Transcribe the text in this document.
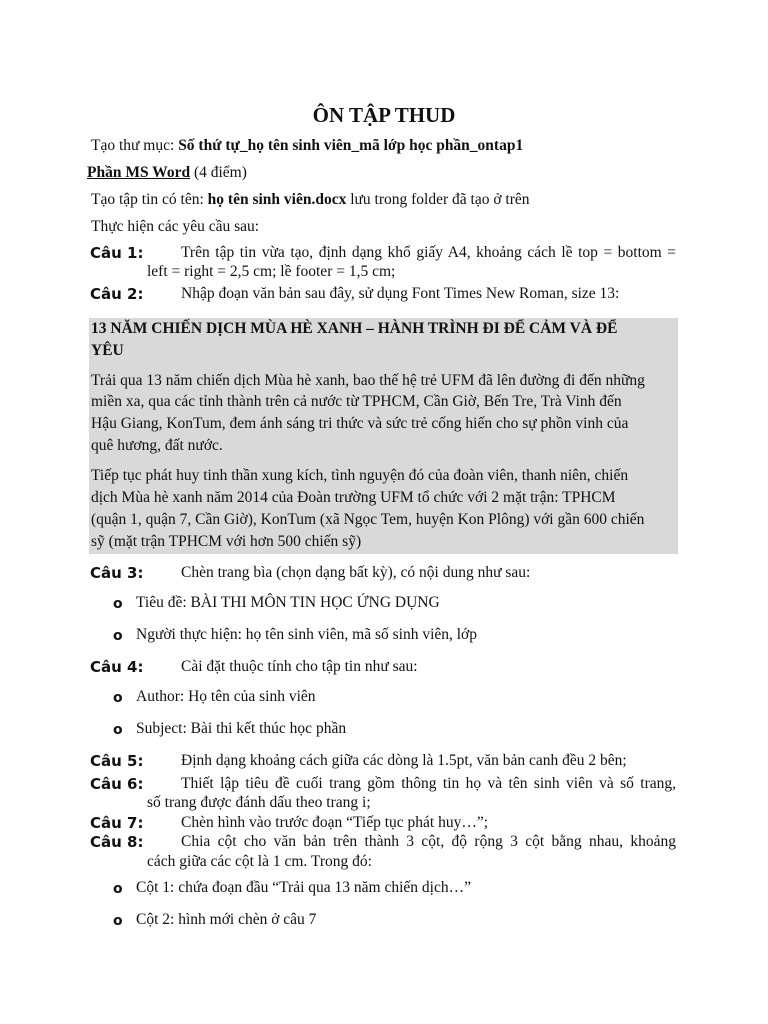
ÔN TẬP THUD
Tạo thư mục: Số thứ tự_họ tên sinh viên_mã lớp học phần_ontap1
Phần MS Word (4 điểm)
Tạo tập tin có tên: họ tên sinh viên.docx lưu trong folder đã tạo ở trên
Thực hiện các yêu cầu sau:
Câu 1: Trên tập tin vừa tạo, định dạng khổ giấy A4, khoảng cách lề top = bottom =
left = right = 2,5 cm; lề footer = 1,5 cm;
Câu 2: Nhập đoạn văn bản sau đây, sử dụng Font Times New Roman, size 13:
13 NĂM CHIẾN DỊCH MÙA HÈ XANH – HÀNH TRÌNH ĐI ĐỂ CẢM VÀ ĐỂ
YÊU
Trải qua 13 năm chiến dịch Mùa hè xanh, bao thế hệ trẻ UFM đã lên đường đi đến những
miền xa, qua các tỉnh thành trên cả nước từ TPHCM, Cần Giờ, Bến Tre, Trà Vinh đến
Hậu Giang, KonTum, đem ánh sáng tri thức và sức trẻ cống hiến cho sự phồn vinh của
quê hương, đất nước.
Tiếp tục phát huy tinh thần xung kích, tình nguyện đó của đoàn viên, thanh niên, chiến
dịch Mùa hè xanh năm 2014 của Đoàn trường UFM tổ chức với 2 mặt trận: TPHCM
(quận 1, quận 7, Cần Giờ), KonTum (xã Ngọc Tem, huyện Kon Plông) với gần 600 chiến
sỹ (mặt trận TPHCM với hơn 500 chiến sỹ)
Câu 3: Chèn trang bìa (chọn dạng bất kỳ), có nội dung như sau:
o Tiêu đề: BÀI THI MÔN TIN HỌC ỨNG DỤNG
o Người thực hiện: họ tên sinh viên, mã số sinh viên, lớp
Câu 4: Cài đặt thuộc tính cho tập tin như sau:
o Author: Họ tên của sinh viên
o Subject: Bài thi kết thúc học phần
Câu 5: Định dạng khoảng cách giữa các dòng là 1.5pt, văn bản canh đều 2 bên;
Câu 6: Thiết lập tiêu đề cuối trang gồm thông tin họ và tên sinh viên và số trang,
số trang được đánh dấu theo trang i;
Câu 7: Chèn hình vào trước đoạn “Tiếp tục phát huy…”;
Câu 8: Chia cột cho văn bản trên thành 3 cột, độ rộng 3 cột bằng nhau, khoảng
cách giữa các cột là 1 cm. Trong đó:
o Cột 1: chứa đoạn đầu “Trải qua 13 năm chiến dịch…”
o Cột 2: hình mới chèn ở câu 7
